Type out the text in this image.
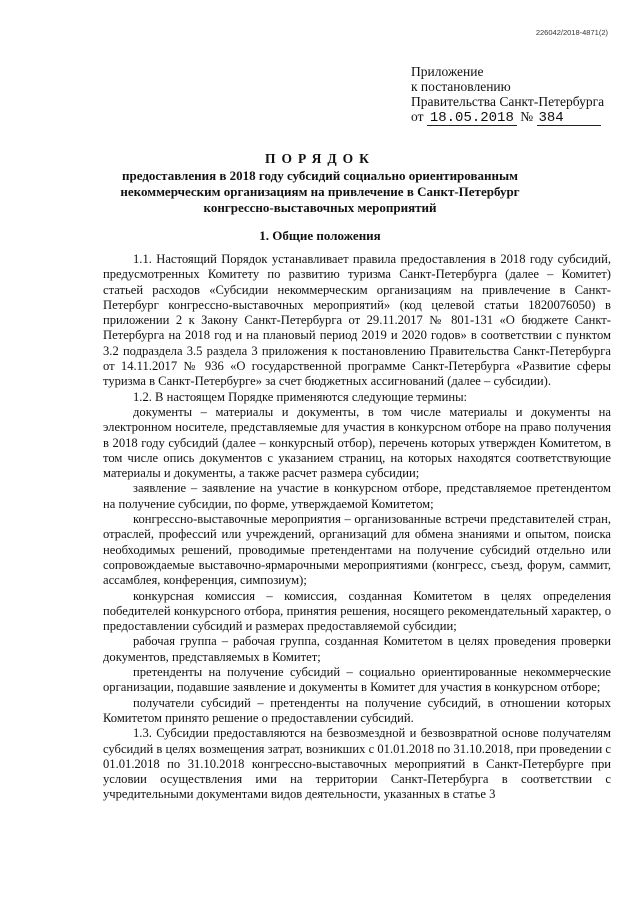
226042/2018-4871(2)
Приложение
к постановлению
Правительства Санкт-Петербурга
от 18.05.2018 № 384
ПОРЯДОК
предоставления в 2018 году субсидий социально ориентированным некоммерческим организациям на привлечение в Санкт-Петербург конгрессно-выставочных мероприятий
1. Общие положения

1.1. Настоящий Порядок устанавливает правила предоставления в 2018 году субсидий, предусмотренных Комитету по развитию туризма Санкт-Петербурга (далее – Комитет) статьей расходов «Субсидии некоммерческим организациям на привлечение в Санкт-Петербург конгрессно-выставочных мероприятий» (код целевой статьи 1820076050) в приложении 2 к Закону Санкт-Петербурга от 29.11.2017 № 801-131 «О бюджете Санкт-Петербурга на 2018 год и на плановый период 2019 и 2020 годов» в соответствии с пунктом 3.2 подраздела 3.5 раздела 3 приложения к постановлению Правительства Санкт-Петербурга от 14.11.2017 № 936 «О государственной программе Санкт-Петербурга «Развитие сферы туризма в Санкт-Петербурге» за счет бюджетных ассигнований (далее – субсидии).

1.2. В настоящем Порядке применяются следующие термины:

документы – материалы и документы, в том числе материалы и документы на электронном носителе, представляемые для участия в конкурсном отборе на право получения в 2018 году субсидий (далее – конкурсный отбор), перечень которых утвержден Комитетом, в том числе опись документов с указанием страниц, на которых находятся соответствующие материалы и документы, а также расчет размера субсидии;

заявление – заявление на участие в конкурсном отборе, представляемое претендентом на получение субсидии, по форме, утверждаемой Комитетом;

конгрессно-выставочные мероприятия – организованные встречи представителей стран, отраслей, профессий или учреждений, организаций для обмена знаниями и опытом, поиска необходимых решений, проводимые претендентами на получение субсидий отдельно или сопровождаемые выставочно-ярмарочными мероприятиями (конгресс, съезд, форум, саммит, ассамблея, конференция, симпозиум);

конкурсная комиссия – комиссия, созданная Комитетом в целях определения победителей конкурсного отбора, принятия решения, носящего рекомендательный характер, о предоставлении субсидий и размерах предоставляемой субсидии;

рабочая группа – рабочая группа, созданная Комитетом в целях проведения проверки документов, представляемых в Комитет;

претенденты на получение субсидий – социально ориентированные некоммерческие организации, подавшие заявление и документы в Комитет для участия в конкурсном отборе;

получатели субсидий – претенденты на получение субсидий, в отношении которых Комитетом принято решение о предоставлении субсидий.

1.3. Субсидии предоставляются на безвозмездной и безвозвратной основе получателям субсидий в целях возмещения затрат, возникших с 01.01.2018 по 31.10.2018, при проведении с 01.01.2018 по 31.10.2018 конгрессно-выставочных мероприятий в Санкт-Петербурге при условии осуществления ими на территории Санкт-Петербурга в соответствии с учредительными документами видов деятельности, указанных в статье 3
